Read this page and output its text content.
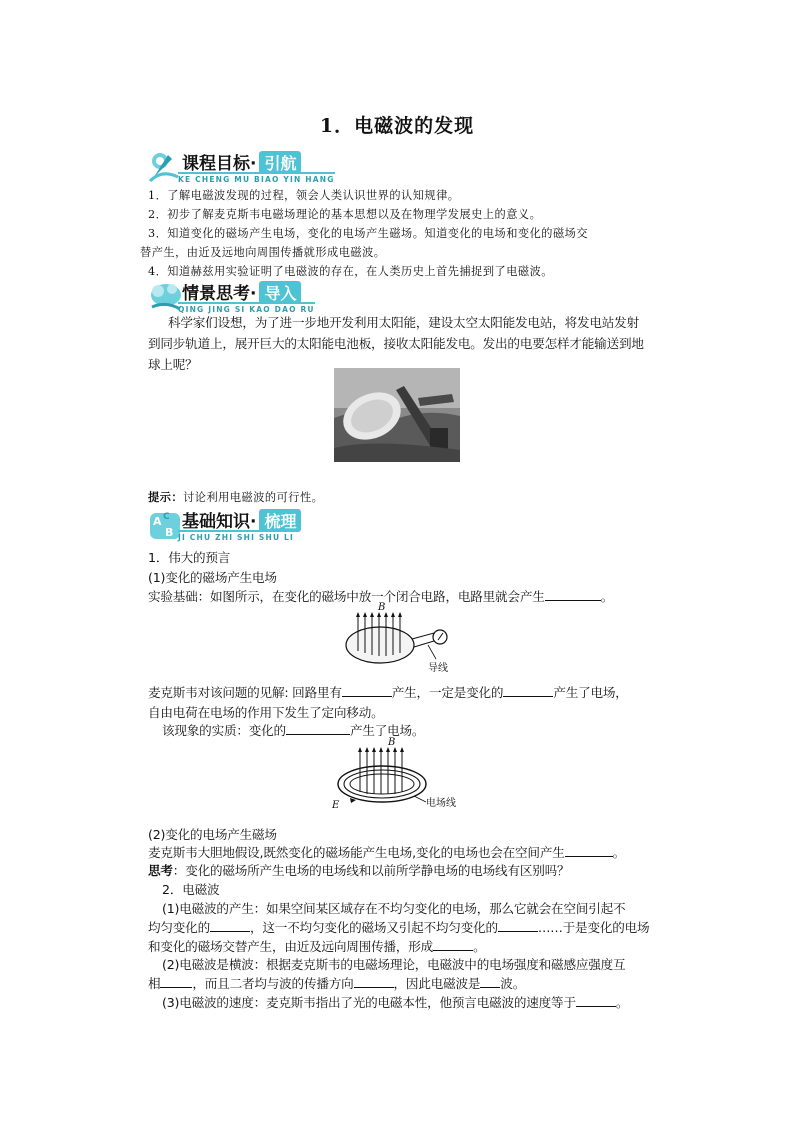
1．电磁波的发现
课程目标· 引航
KE CHENG MU BIAO YIN HANG
1．了解电磁波发现的过程，领会人类认识世界的认知规律。
2．初步了解麦克斯韦电磁场理论的基本思想以及在物理学发展史上的意义。
3．知道变化的磁场产生电场，变化的电场产生磁场。知道变化的电场和变化的磁场交
替产生，由近及远地向周围传播就形成电磁波。
4．知道赫兹用实验证明了电磁波的存在，在人类历史上首先捕捉到了电磁波。
情景思考· 导入
QING JING SI KAO DAO RU
科学家们设想，为了进一步地开发利用太阳能，建设太空太阳能发电站，将发电站发射
到同步轨道上，展开巨大的太阳能电池板，接收太阳能发电。发出的电要怎样才能输送到地
球上呢？
提示：讨论利用电磁波的可行性。
A C
B
基础知识· 梳理
JI CHU ZHI SHI SHU LI
1．伟大的预言
(1)变化的磁场产生电场
实验基础：如图所示，在变化的磁场中放一个闭合电路，电路里就会产生	。
B
导线
麦克斯韦对该问题的见解: 回路里有	产生，一定是变化的	产生了电场，
自由电荷在电场的作用下发生了定向移动。
该现象的实质：变化的	产生了电场。
B
E	电场线
(2)变化的电场产生磁场
麦克斯韦大胆地假设,既然变化的磁场能产生电场,变化的电场也会在空间产生	。
思考：变化的磁场所产生电场的电场线和以前所学静电场的电场线有区别吗？
2．电磁波
(1)电磁波的产生：如果空间某区域存在不均匀变化的电场，那么它就会在空间引起不
均匀变化的	，这一不均匀变化的磁场又引起不均匀变化的	……于是变化的电场
和变化的磁场交替产生，由近及远向周围传播，形成	。
(2)电磁波是横波：根据麦克斯韦的电磁场理论，电磁波中的电场强度和磁感应强度互
相	，而且二者均与波的传播方向	，因此电磁波是 波。
(3)电磁波的速度：麦克斯韦指出了光的电磁本性，他预言电磁波的速度等于	。
